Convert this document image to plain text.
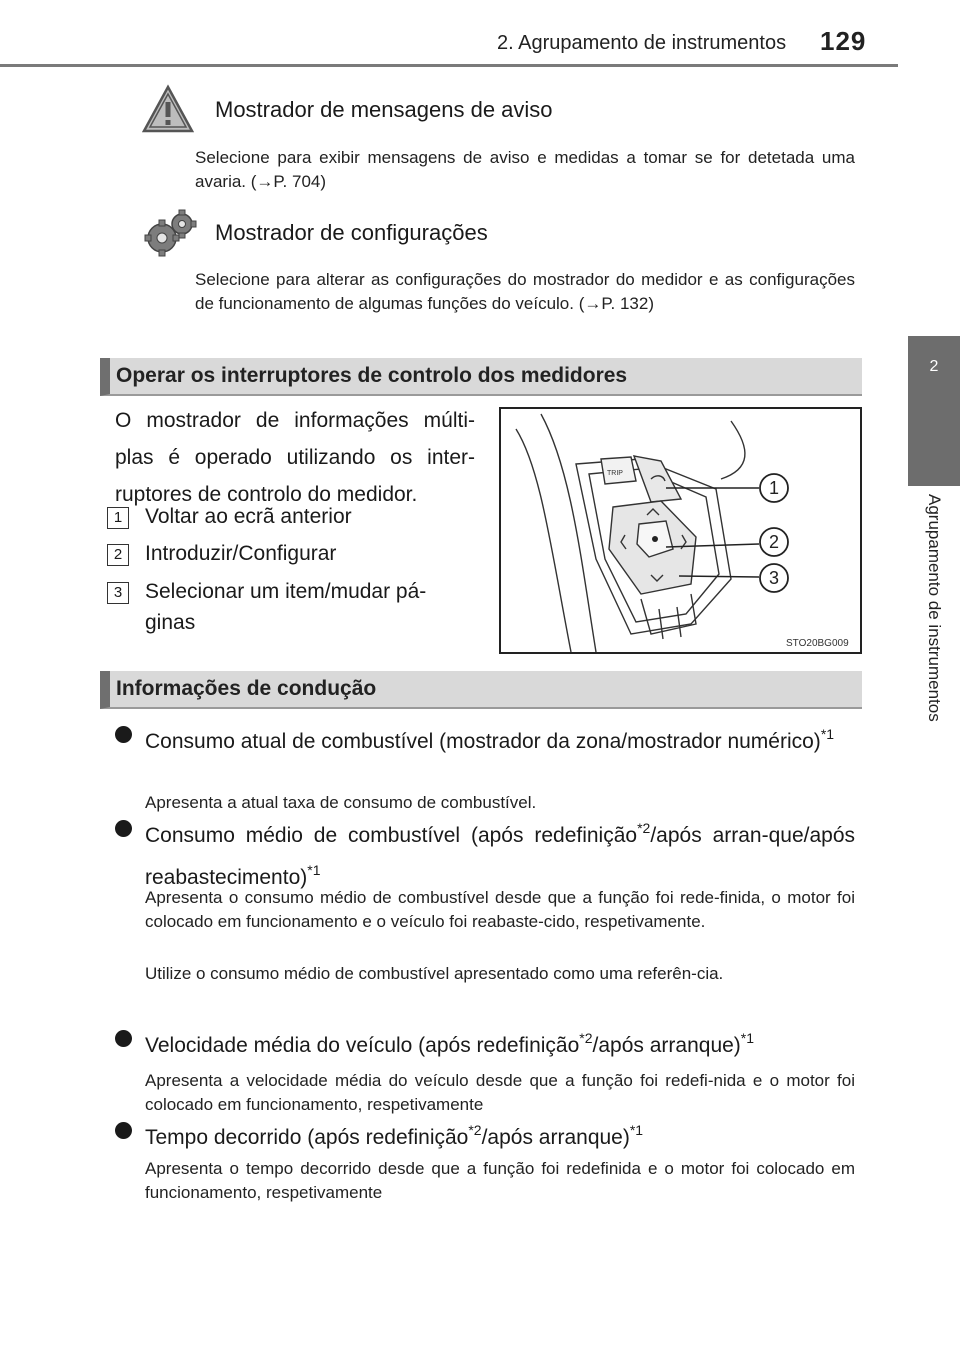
2. Agrupamento de instrumentos 129
2
Agrupamento de instrumentos
Mostrador de mensagens de aviso
Selecione para exibir mensagens de aviso e medidas a tomar se for detetada uma avaria. (→P. 704)
Mostrador de configurações
Selecione para alterar as configurações do mostrador do medidor e as configurações de funcionamento de algumas funções do veículo. (→P. 132)
Operar os interruptores de controlo dos medidores
O mostrador de informações múlti-plas é operado utilizando os inter-ruptores de controlo do medidor.
1	Voltar ao ecrã anterior
2	Introduzir/Configurar
3	Selecionar um item/mudar pá-
ginas
TRIP
1
2
3
STO20BG009
Informações de condução
Consumo atual de combustível (mostrador da zona/mostrador numérico)$^{*1}$
Apresenta a atual taxa de consumo de combustível.
Consumo médio de combustível (após redefinição$^{*2}$/após arran-que/após reabastecimento)$^{*1}$
Apresenta o consumo médio de combustível desde que a função foi rede-finida, o motor foi colocado em funcionamento e o veículo foi reabaste-cido, respetivamente.
Utilize o consumo médio de combustível apresentado como uma referên-cia.
Velocidade média do veículo (após redefinição$^{*2}$/após arranque)$^{*1}$
Apresenta a velocidade média do veículo desde que a função foi redefi-nida e o motor foi colocado em funcionamento, respetivamente
Tempo decorrido (após redefinição$^{*2}$/após arranque)$^{*1}$
Apresenta o tempo decorrido desde que a função foi redefinida e o motor foi colocado em funcionamento, respetivamente
